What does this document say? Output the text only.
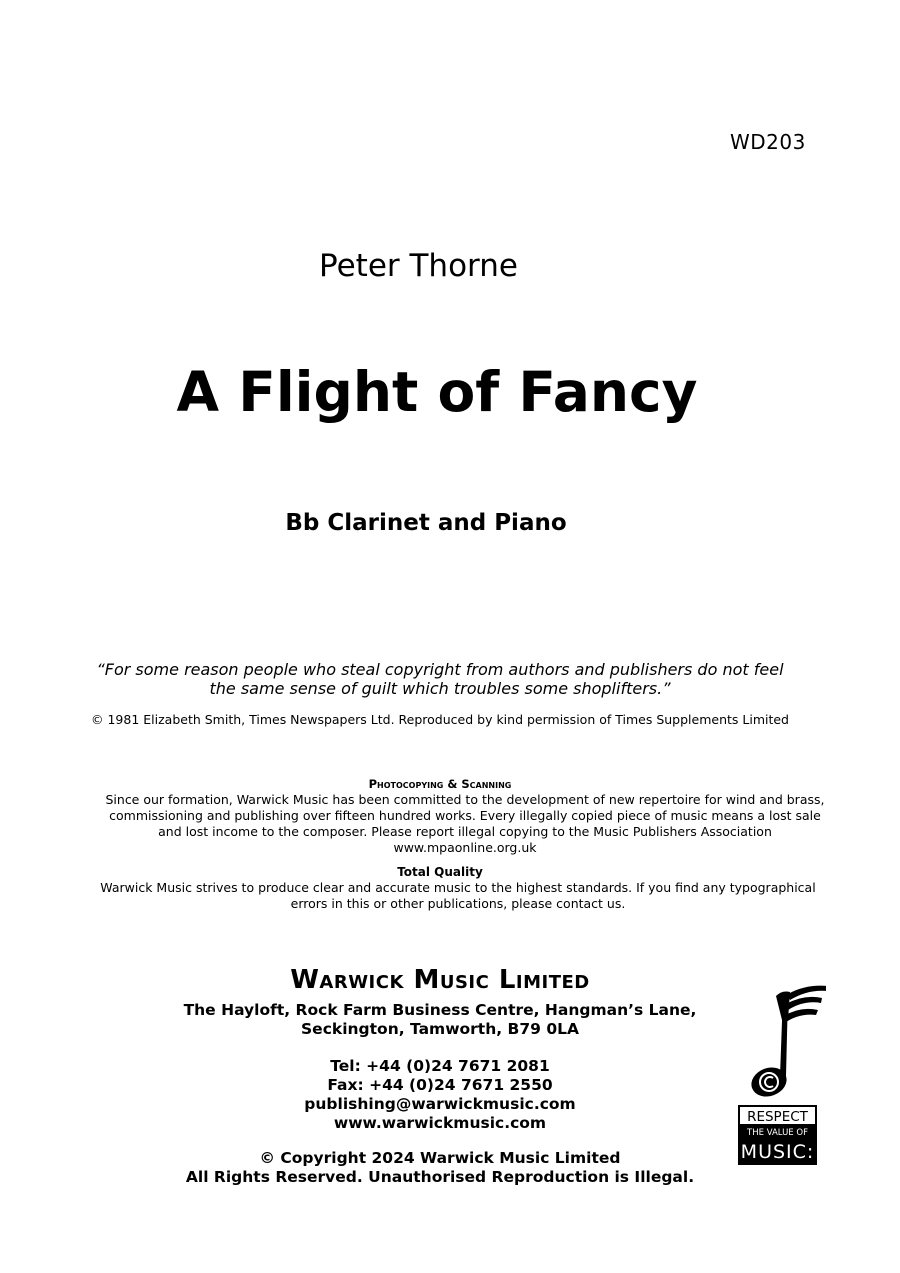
WD203
Peter Thorne
A Flight of Fancy
Bb Clarinet and Piano
“For some reason people who steal copyright from authors and publishers do not feel
the same sense of guilt which troubles some shoplifters.”
© 1981 Elizabeth Smith, Times Newspapers Ltd. Reproduced by kind permission of Times Supplements Limited
Photocopying & Scanning
Since our formation, Warwick Music has been committed to the development of new repertoire for wind and brass, commissioning and publishing over fifteen hundred works. Every illegally copied piece of music means a lost sale and lost income to the composer. Please report illegal copying to the Music Publishers Association www.mpaonline.org.uk
Total Quality
Warwick Music strives to produce clear and accurate music to the highest standards. If you find any typographical errors in this or other publications, please contact us.
Warwick Music Limited
The Hayloft, Rock Farm Business Centre, Hangman’s Lane,
Seckington, Tamworth, B79 0LA
Tel: +44 (0)24 7671 2081
Fax: +44 (0)24 7671 2550
publishing@warwickmusic.com
www.warwickmusic.com
© Copyright 2024 Warwick Music Limited
All Rights Reserved. Unauthorised Reproduction is Illegal.
RESPECT
THE VALUE OF
MUSIC:
